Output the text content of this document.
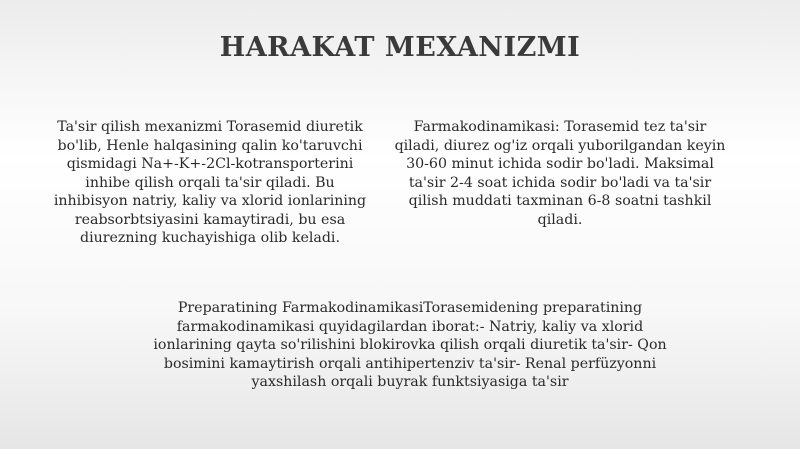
HARAKAT MEXANIZMI

Ta'sir qilish mexanizmi Torasemid diuretik bo'lib, Henle halqasining qalin ko'taruvchi qismidagi Na+-K+-2Cl-kotransporterini inhibe qilish orqali ta'sir qiladi. Bu inhibisyon natriy, kaliy va xlorid ionlarining reabsorbtsiyasini kamaytiradi, bu esa diurezning kuchayishiga olib keladi.

Farmakodinamikasi: Torasemid tez ta'sir qiladi, diurez og'iz orqali yuborilgandan keyin 30-60 minut ichida sodir bo'ladi. Maksimal ta'sir 2-4 soat ichida sodir bo'ladi va ta'sir qilish muddati taxminan 6-8 soatni tashkil qiladi.

Preparatining FarmakodinamikasiTorasemidening preparatining farmakodinamikasi quyidagilardan iborat:- Natriy, kaliy va xlorid ionlarining qayta so'rilishini blokirovka qilish orqali diuretik ta'sir- Qon bosimini kamaytirish orqali antihipertenziv ta'sir- Renal perfüzyonni yaxshilash orqali buyrak funktsiyasiga ta'sir
